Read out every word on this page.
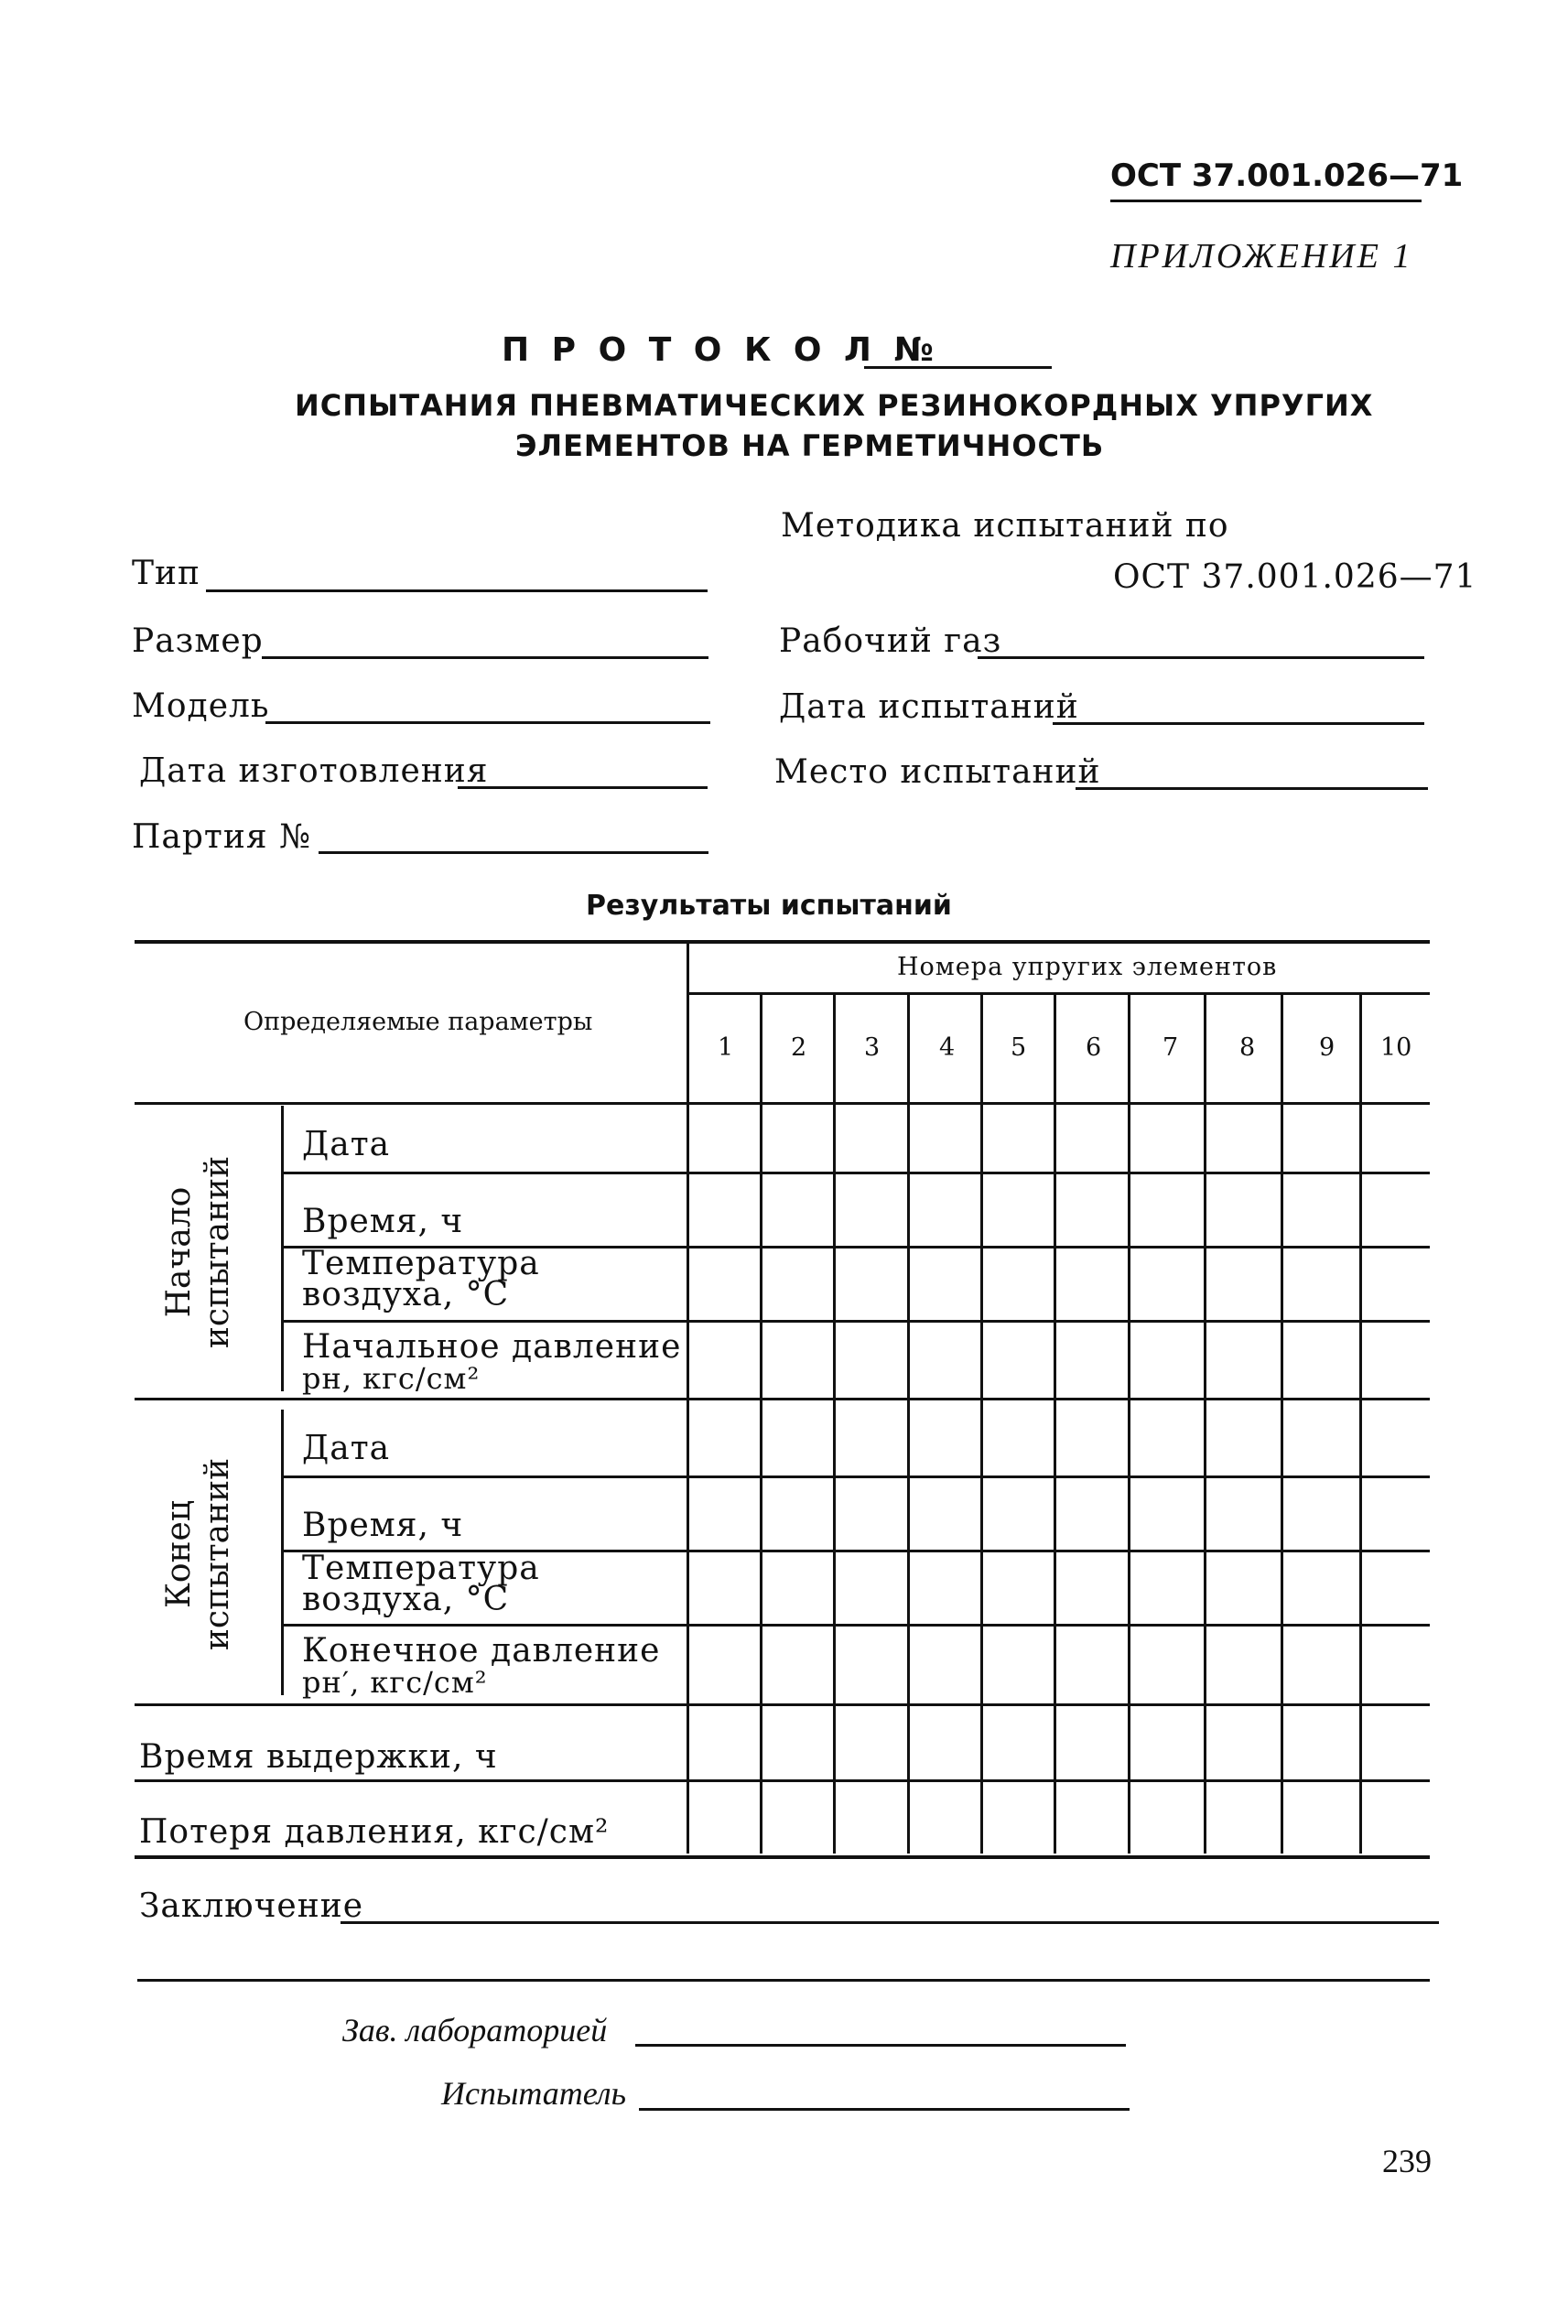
ОСТ 37.001.026—71
ПРИЛОЖЕНИЕ 1
П Р О Т О К О Л №
ИСПЫТАНИЯ ПНЕВМАТИЧЕСКИХ РЕЗИНОКОРДНЫХ УПРУГИХ
ЭЛЕМЕНТОВ НА ГЕРМЕТИЧНОСТЬ
Тип
Размер
Модель
Дата изготовления
Партия №
Методика испытаний по
ОСТ 37.001.026—71
Рабочий газ
Дата испытаний
Место испытаний
Результаты испытаний
Определяемые параметры
Номера упругих элементов
1 2 3 4 5 6 7 8	9 10
Начало испытаний
Дата
Время, ч
Температура
воздуха, °C
Начальное давление
pн, кгс/см²
Конец испытаний
Дата
Время, ч
Температура
воздуха, °C
Конечное давление
pн′, кгс/см²
Время выдержки, ч
Потеря давления, кгс/см²
Заключение
Зав. лабораторией
Испытатель
239
